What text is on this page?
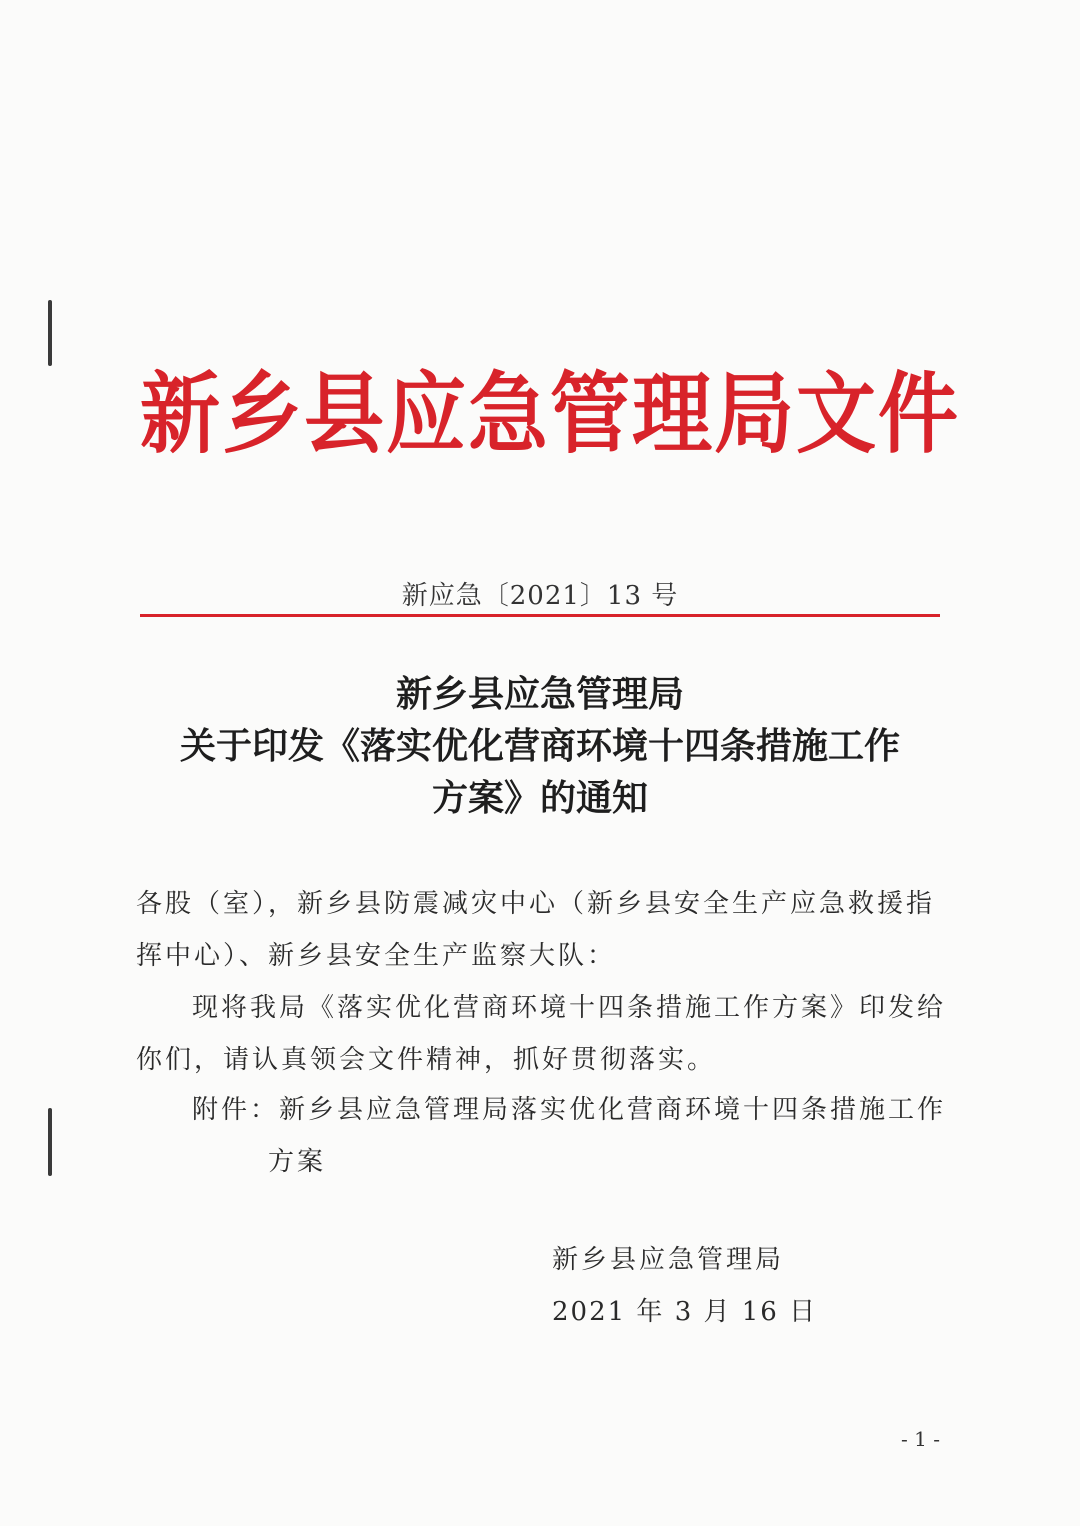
新乡县应急管理局文件
新应急〔2021〕13 号
新乡县应急管理局
关于印发《落实优化营商环境十四条措施工作
方案》的通知
各股（室），新乡县防震减灾中心（新乡县安全生产应急救援指
挥中心）、新乡县安全生产监察大队：
现将我局《落实优化营商环境十四条措施工作方案》印发给
你们，请认真领会文件精神，抓好贯彻落实。
附件：新乡县应急管理局落实优化营商环境十四条措施工作
方案
新乡县应急管理局
2021 年 3 月 16 日
- 1 -
